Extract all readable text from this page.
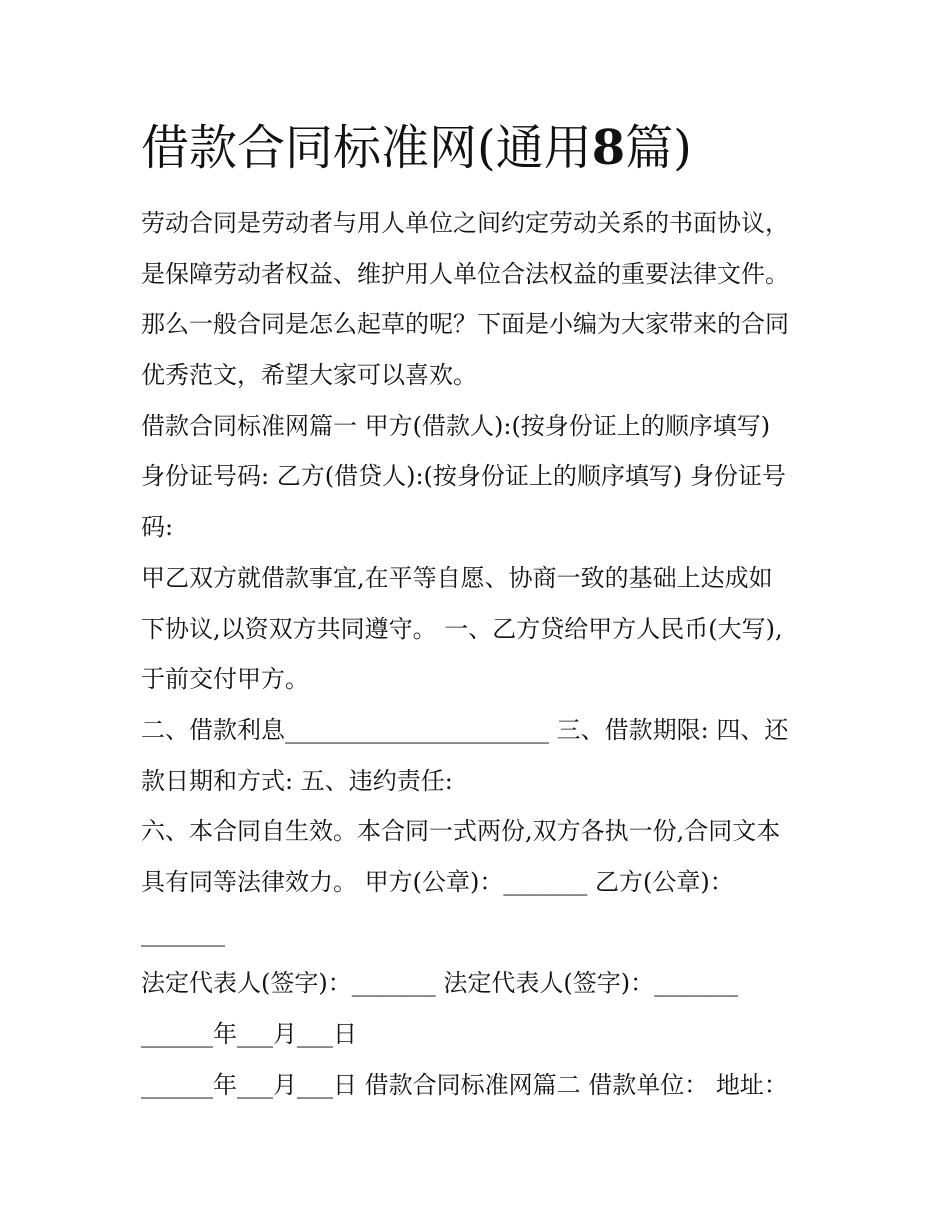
借款合同标准网(通用8篇)
劳动合同是劳动者与用人单位之间约定劳动关系的书面协议，
是保障劳动者权益、维护用人单位合法权益的重要法律文件。
那么一般合同是怎么起草的呢？下面是小编为大家带来的合同
优秀范文，希望大家可以喜欢。
借款合同标准网篇一 甲方(借款人):(按身份证上的顺序填写)
身份证号码: 乙方(借贷人):(按身份证上的顺序填写) 身份证号
码:
甲乙双方就借款事宜,在平等自愿、协商一致的基础上达成如
下协议,以资双方共同遵守。 一、乙方贷给甲方人民币(大写),
于前交付甲方。
二、借款利息______________________ 三、借款期限: 四、还
款日期和方式: 五、违约责任:
六、本合同自生效。本合同一式两份,双方各执一份,合同文本
具有同等法律效力。 甲方(公章)：_______ 乙方(公章)：
_______
法定代表人(签字)：_______ 法定代表人(签字)：_______
______年___月___日
______年___月___日 借款合同标准网篇二 借款单位： 地址：
